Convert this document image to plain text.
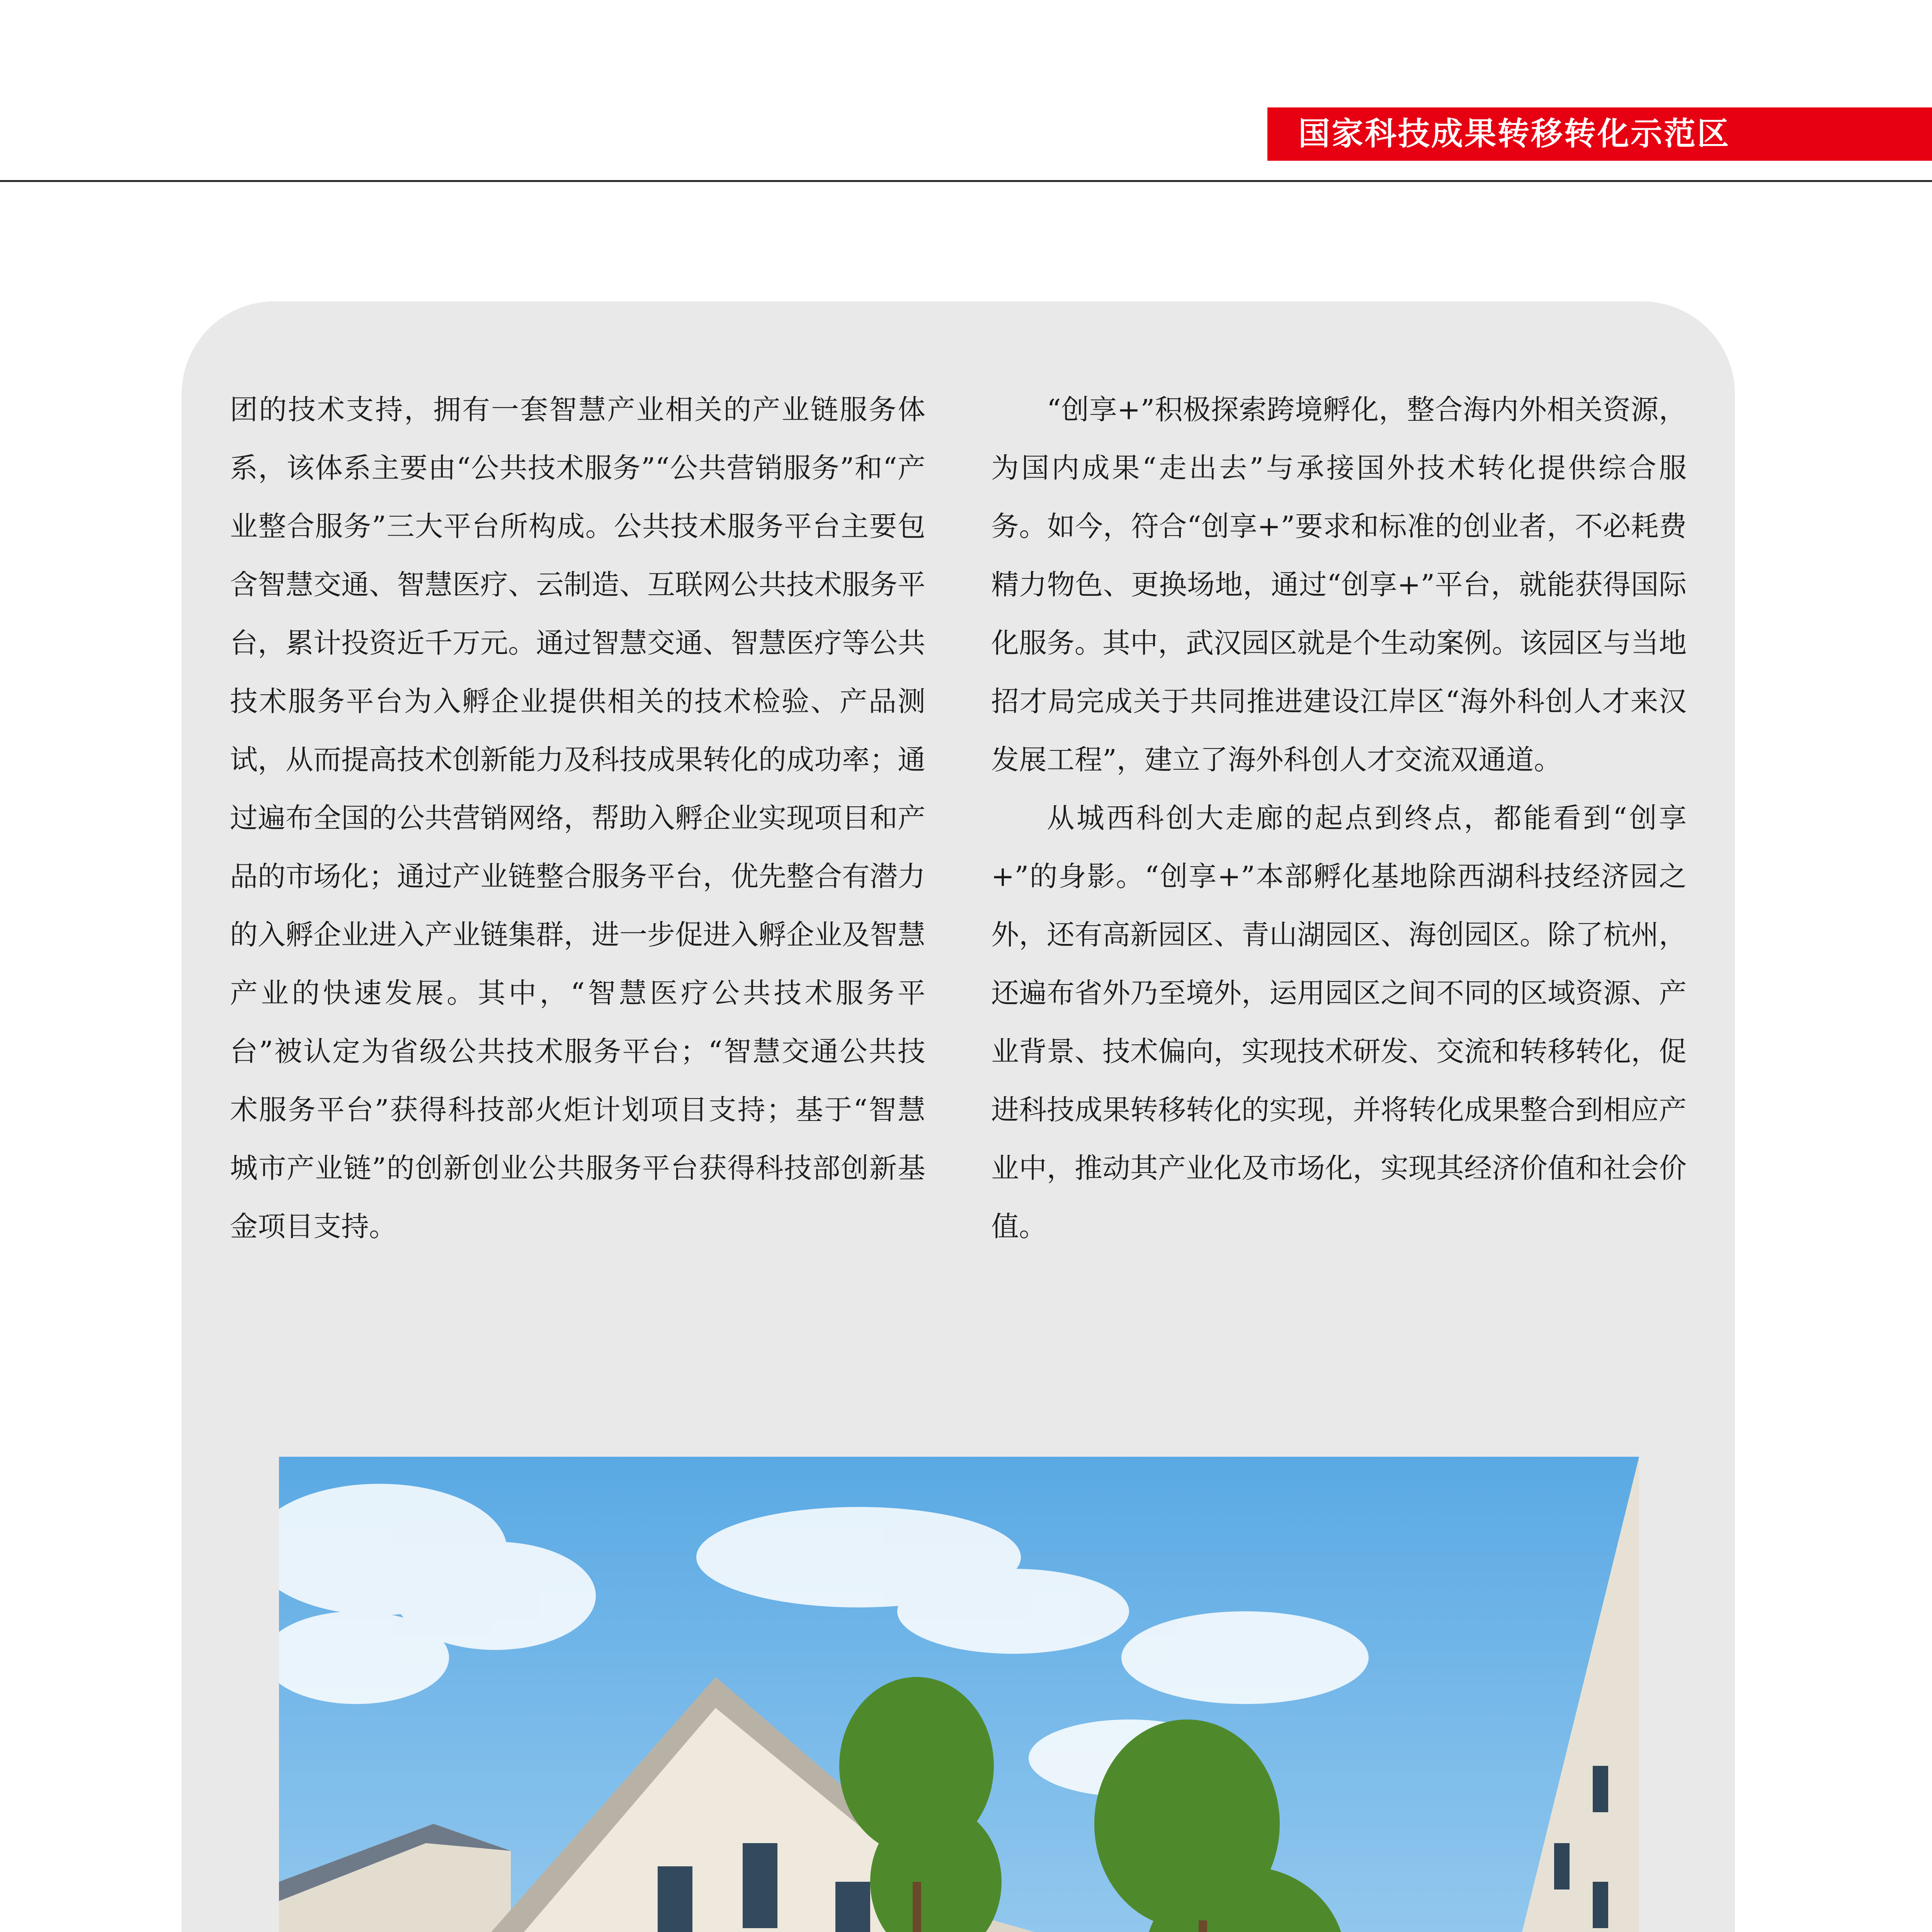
国家科技成果转移转化示范区

团的技术支持，拥有一套智慧产业相关的产业链服务体系，该体系主要由“公共技术服务”“公共营销服务”和“产业整合服务”三大平台所构成。公共技术服务平台主要包含智慧交通、智慧医疗、云制造、互联网公共技术服务平台，累计投资近千万元。通过智慧交通、智慧医疗等公共技术服务平台为入孵企业提供相关的技术检验、产品测试，从而提高技术创新能力及科技成果转化的成功率；通过遍布全国的公共营销网络，帮助入孵企业实现项目和产品的市场化；通过产业链整合服务平台，优先整合有潜力的入孵企业进入产业链集群，进一步促进入孵企业及智慧产业的快速发展。其中，“智慧医疗公共技术服务平台”被认定为省级公共技术服务平台；“智慧交通公共技术服务平台”获得科技部火炬计划项目支持；基于“智慧城市产业链”的创新创业公共服务平台获得科技部创新基金项目支持。

“创享+”积极探索跨境孵化，整合海内外相关资源，为国内成果“走出去”与承接国外技术转化提供综合服务。如今，符合“创享+”要求和标准的创业者，不必耗费精力物色、更换场地，通过“创享+”平台，就能获得国际化服务。其中，武汉园区就是个生动案例。该园区与当地招才局完成关于共同推进建设江岸区“海外科创人才来汉发展工程”，建立了海外科创人才交流双通道。

从城西科创大走廊的起点到终点，都能看到“创享+”的身影。“创享+”本部孵化基地除西湖科技经济园之外，还有高新园区、青山湖园区、海创园区。除了杭州，还遍布省外乃至境外，运用园区之间不同的区域资源、产业背景、技术偏向，实现技术研发、交流和转移转化，促进科技成果转移转化的实现，并将转化成果整合到相应产业中，推动其产业化及市场化，实现其经济价值和社会价值。
